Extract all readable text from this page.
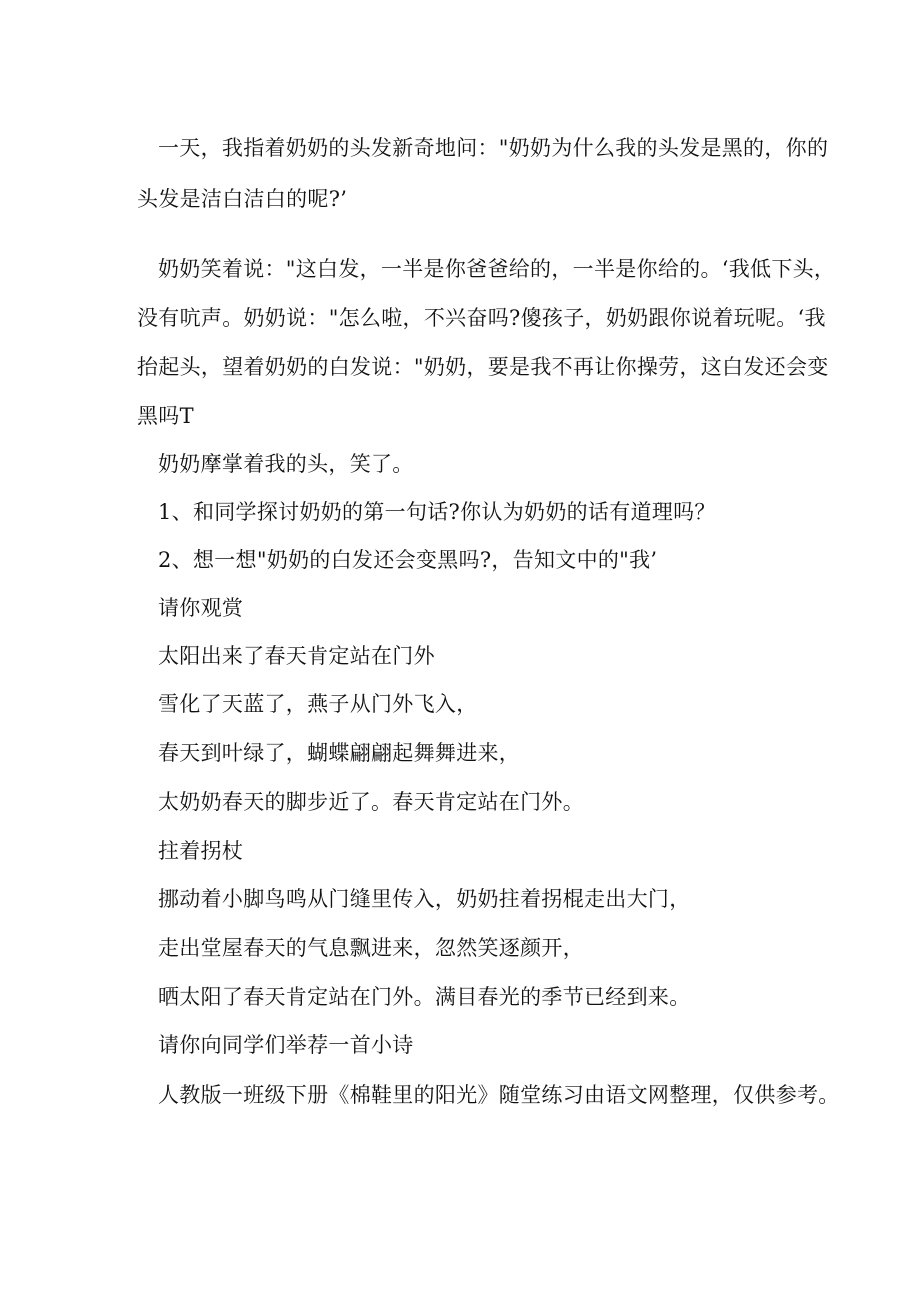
一天，我指着奶奶的头发新奇地问："奶奶为什么我的头发是黑的，你的
头发是洁白洁白的呢?’
奶奶笑着说："这白发，一半是你爸爸给的，一半是你给的。‘我低下头，
没有吭声。奶奶说："怎么啦，不兴奋吗?傻孩子，奶奶跟你说着玩呢。‘我
抬起头，望着奶奶的白发说："奶奶，要是我不再让你操劳，这白发还会变
黑吗T
奶奶摩掌着我的头，笑了。
1、和同学探讨奶奶的第一句话?你认为奶奶的话有道理吗？
2、想一想"奶奶的白发还会变黑吗?，告知文中的"我’
请你观赏
太阳出来了春天肯定站在门外
雪化了天蓝了，燕子从门外飞入，
春天到叶绿了，蝴蝶翩翩起舞舞进来，
太奶奶春天的脚步近了。春天肯定站在门外。
拄着拐杖
挪动着小脚鸟鸣从门缝里传入，奶奶拄着拐棍走出大门，
走出堂屋春天的气息飘进来，忽然笑逐颜开，
晒太阳了春天肯定站在门外。满目春光的季节已经到来。
请你向同学们举荐一首小诗
人教版一班级下册《棉鞋里的阳光》随堂练习由语文网整理，仅供参考。
